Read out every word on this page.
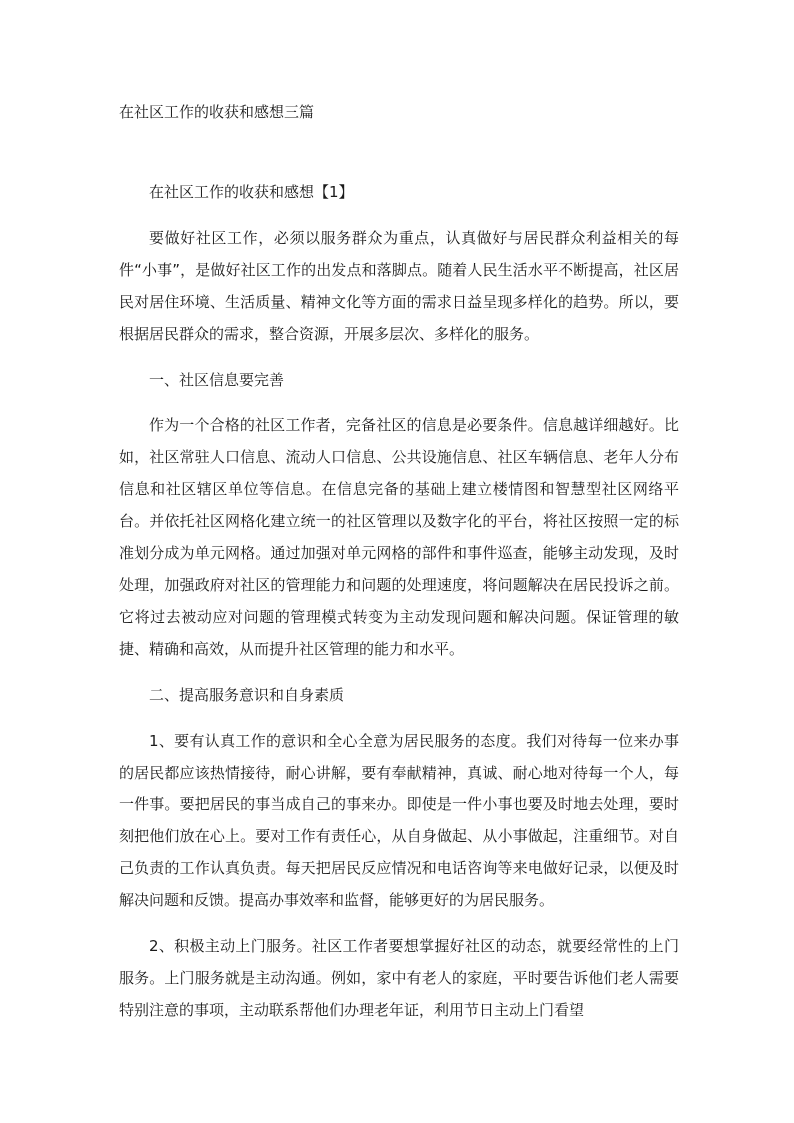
在社区工作的收获和感想三篇

在社区工作的收获和感想【1】

要做好社区工作，必须以服务群众为重点，认真做好与居民群众利益相关的每件“小事”，是做好社区工作的出发点和落脚点。随着人民生活水平不断提高，社区居民对居住环境、生活质量、精神文化等方面的需求日益呈现多样化的趋势。所以，要根据居民群众的需求，整合资源，开展多层次、多样化的服务。

一、社区信息要完善

作为一个合格的社区工作者，完备社区的信息是必要条件。信息越详细越好。比如，社区常驻人口信息、流动人口信息、公共设施信息、社区车辆信息、老年人分布信息和社区辖区单位等信息。在信息完备的基础上建立楼情图和智慧型社区网络平台。并依托社区网格化建立统一的社区管理以及数字化的平台，将社区按照一定的标准划分成为单元网格。通过加强对单元网格的部件和事件巡查，能够主动发现，及时处理，加强政府对社区的管理能力和问题的处理速度，将问题解决在居民投诉之前。它将过去被动应对问题的管理模式转变为主动发现问题和解决问题。保证管理的敏捷、精确和高效，从而提升社区管理的能力和水平。

二、提高服务意识和自身素质

1、要有认真工作的意识和全心全意为居民服务的态度。我们对待每一位来办事的居民都应该热情接待，耐心讲解，要有奉献精神，真诚、耐心地对待每一个人，每一件事。要把居民的事当成自己的事来办。即使是一件小事也要及时地去处理，要时刻把他们放在心上。要对工作有责任心，从自身做起、从小事做起，注重细节。对自己负责的工作认真负责。每天把居民反应情况和电话咨询等来电做好记录，以便及时解决问题和反馈。提高办事效率和监督，能够更好的为居民服务。

2、积极主动上门服务。社区工作者要想掌握好社区的动态，就要经常性的上门服务。上门服务就是主动沟通。例如，家中有老人的家庭，平时要告诉他们老人需要特别注意的事项，主动联系帮他们办理老年证，利用节日主动上门看望
